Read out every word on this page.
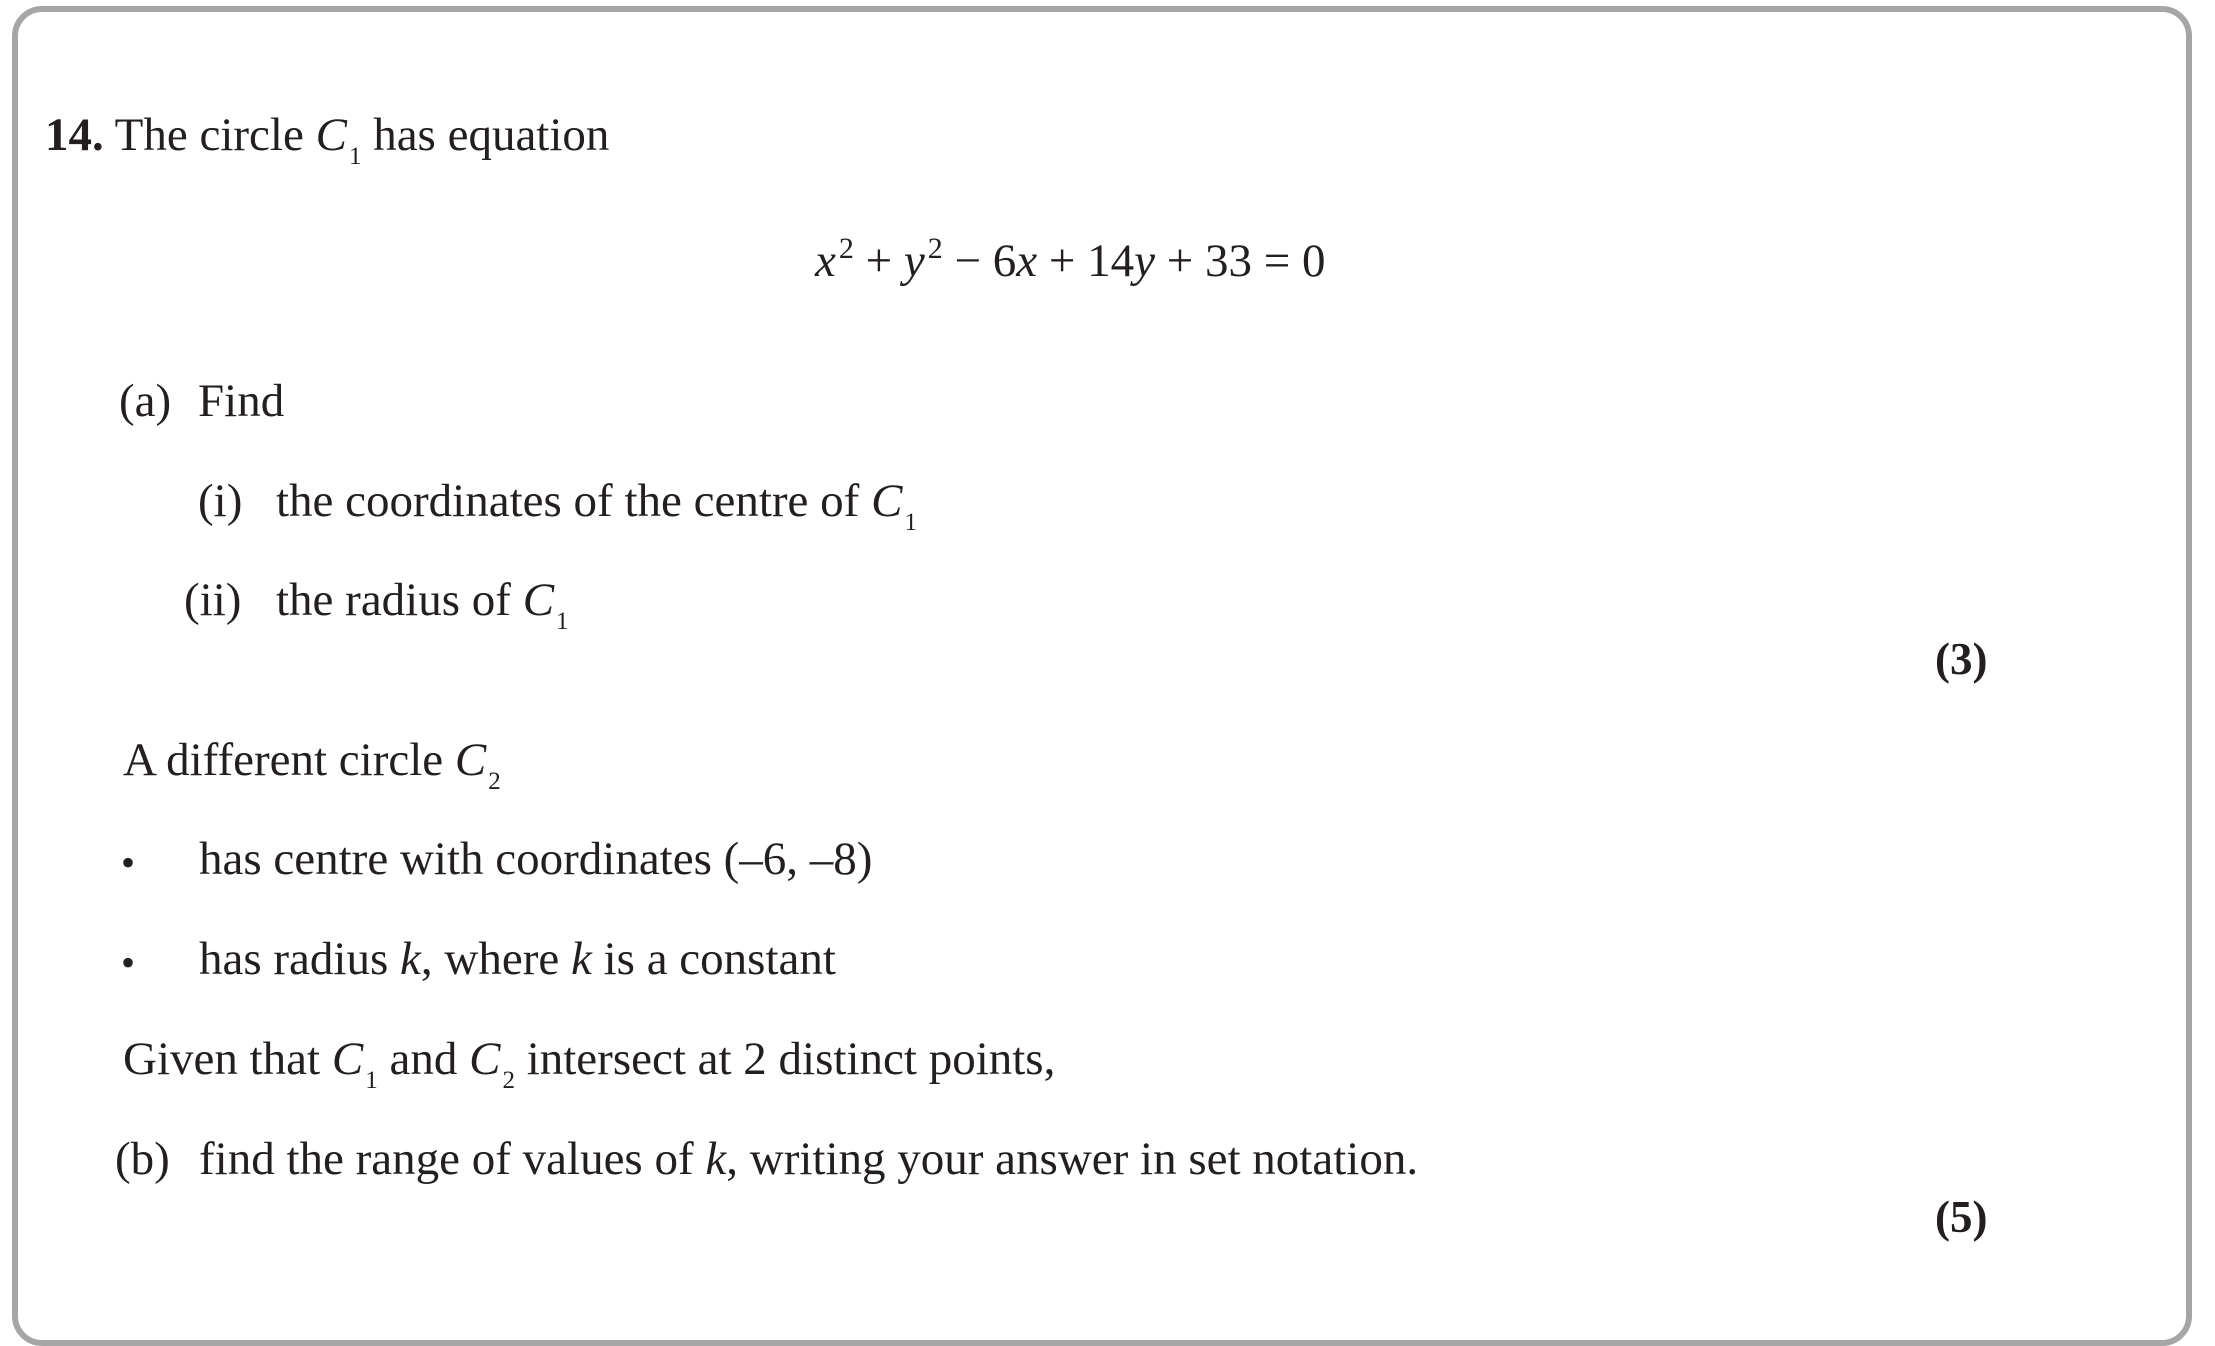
14. The circle $C_1$ has equation
x $^2$ + y $^2$ − 6x + 14y + 33 = 0
(a) Find
(i) the coordinates of the centre of $C_1$
(ii) the radius of $C_1$
(3)
A different circle $C_2$
• has centre with coordinates (–6, –8)
• has radius k, where k is a constant
Given that $C_1$ and $C_2$ intersect at 2 distinct points,
(b) find the range of values of k, writing your answer in set notation.
(5)
